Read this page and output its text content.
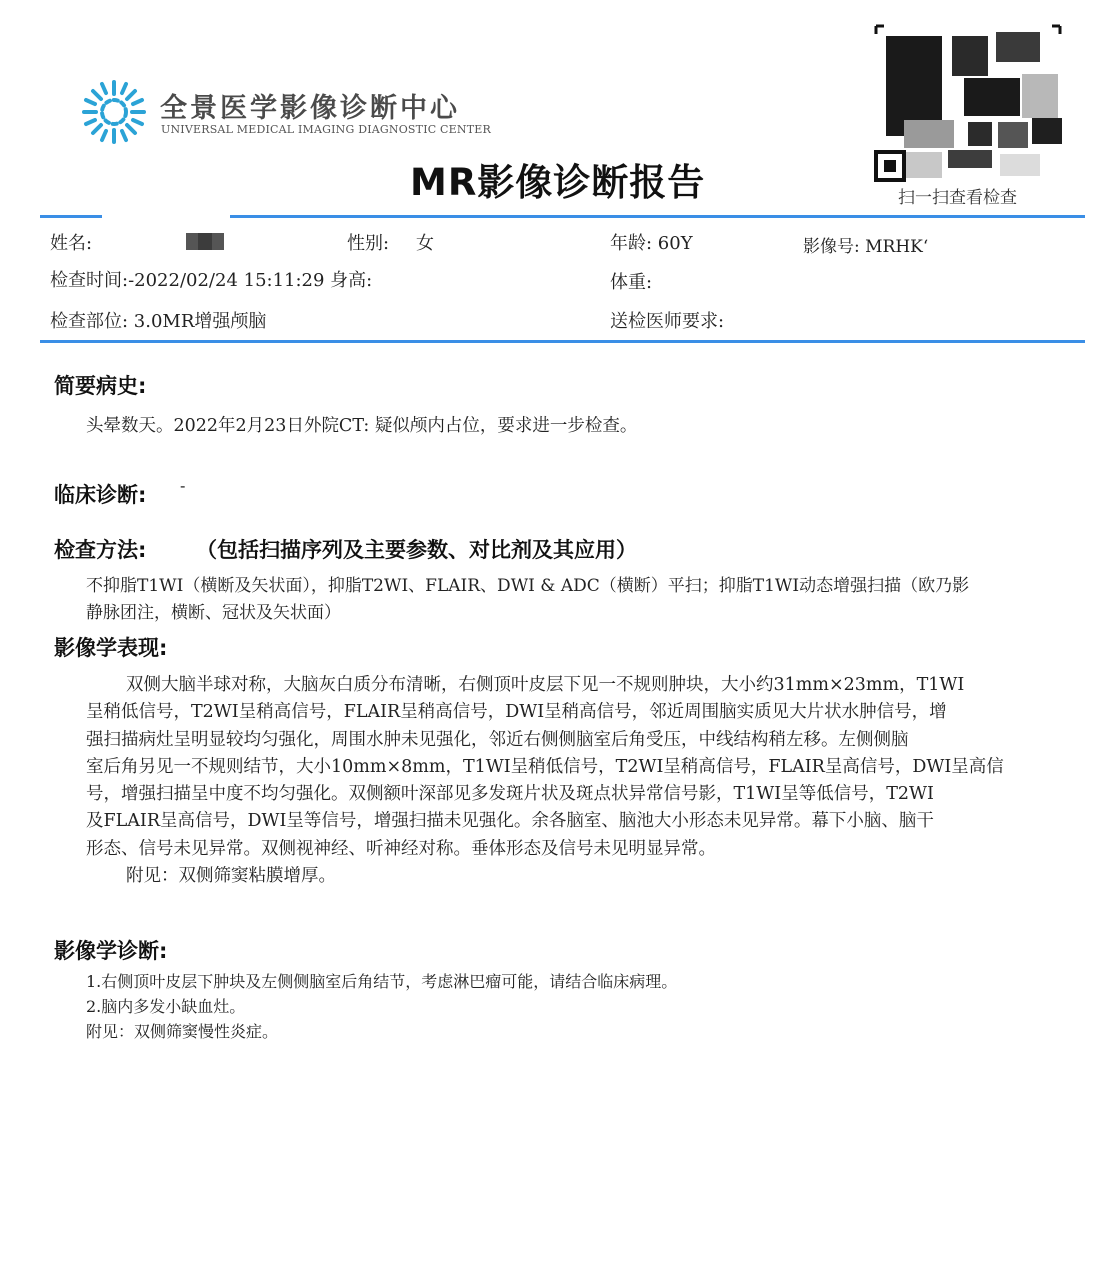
全景医学影像诊断中心
UNIVERSAL MEDICAL IMAGING DIAGNOSTIC CENTER
MR影像诊断报告	扫一扫查看检查
姓名:	性别: 女	年龄: 60Y	影像号: MRHK‘
检查时间:-2022/02/24 15:11:29 身高:	体重:
检查部位: 3.0MR增强颅脑	送检医师要求:
简要病史:
头晕数天。2022年2月23日外院CT: 疑似颅内占位，要求进一步检查。
临床诊断: -
检查方法: （包括扫描序列及主要参数、对比剂及其应用）
不抑脂T1WI（横断及矢状面），抑脂T2WI、FLAIR、DWI & ADC（横断）平扫；抑脂T1WI动态增强扫描（欧乃影
静脉团注，横断、冠状及矢状面）
影像学表现:
双侧大脑半球对称，大脑灰白质分布清晰，右侧顶叶皮层下见一不规则肿块，大小约31mm×23mm，T1WI
呈稍低信号，T2WI呈稍高信号，FLAIR呈稍高信号，DWI呈稍高信号，邻近周围脑实质见大片状水肿信号，增
强扫描病灶呈明显较均匀强化，周围水肿未见强化，邻近右侧侧脑室后角受压，中线结构稍左移。左侧侧脑
室后角另见一不规则结节，大小10mm×8mm，T1WI呈稍低信号，T2WI呈稍高信号，FLAIR呈高信号，DWI呈高信
号，增强扫描呈中度不均匀强化。双侧额叶深部见多发斑片状及斑点状异常信号影，T1WI呈等低信号，T2WI
及FLAIR呈高信号，DWI呈等信号，增强扫描未见强化。余各脑室、脑池大小形态未见异常。幕下小脑、脑干
形态、信号未见异常。双侧视神经、听神经对称。垂体形态及信号未见明显异常。
附见：双侧筛窦粘膜增厚。
影像学诊断:
1.右侧顶叶皮层下肿块及左侧侧脑室后角结节，考虑淋巴瘤可能，请结合临床病理。
2.脑内多发小缺血灶。
附见：双侧筛窦慢性炎症。
